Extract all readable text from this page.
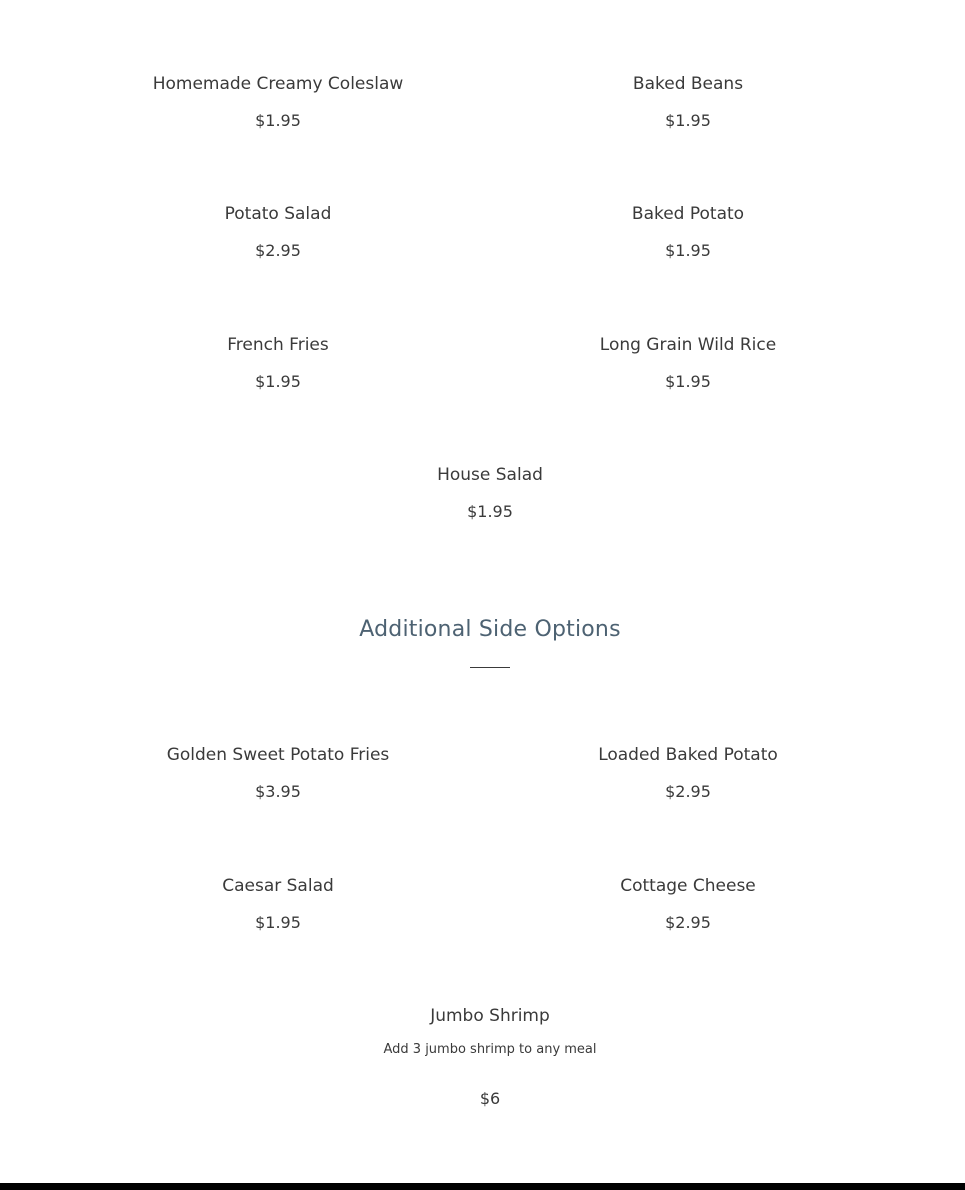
Homemade Creamy Coleslaw
$1.95
Baked Beans
$1.95
Potato Salad
$2.95
Baked Potato
$1.95
French Fries
$1.95
Long Grain Wild Rice
$1.95
House Salad
$1.95
Additional Side Options
Golden Sweet Potato Fries
$3.95
Loaded Baked Potato
$2.95
Caesar Salad
$1.95
Cottage Cheese
$2.95
Jumbo Shrimp
Add 3 jumbo shrimp to any meal
$6
